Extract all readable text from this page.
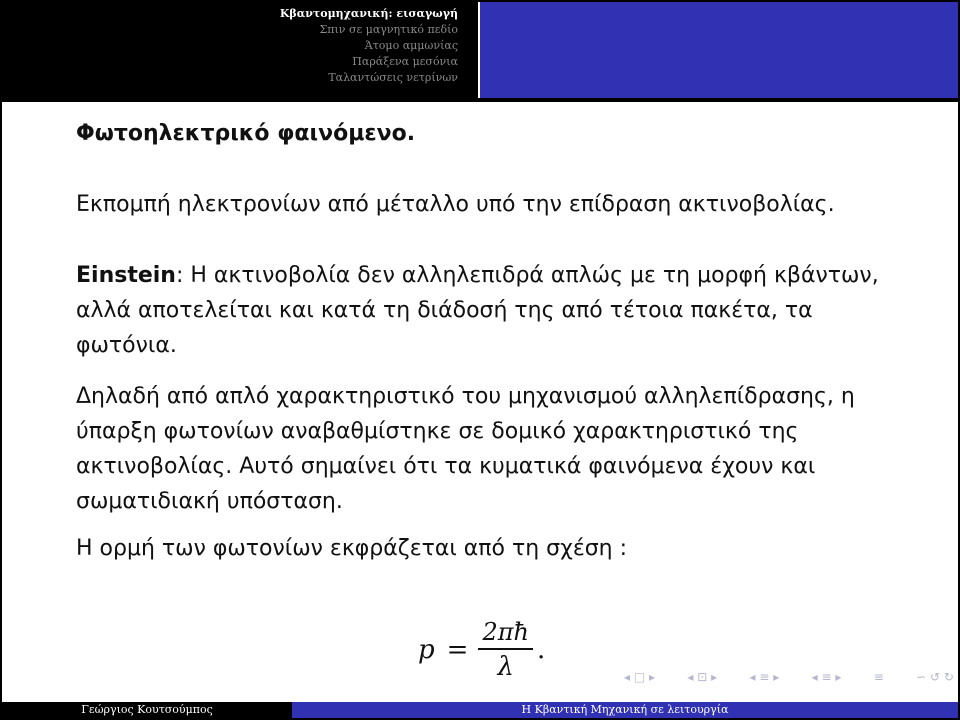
Κβαντομηχανική: εισαγωγή
Σπιν σε μαγνητικό πεδίο
Άτομο αμμωνίας
Παράξενα μεσόνια
Ταλαντώσεις νετρίνων

Φωτοηλεκτρικό φαινόμενο.

Εκπομπή ηλεκτρονίων από μέταλλο υπό την επίδραση ακτινοβολίας.

Einstein: Η ακτινοβολία δεν αλληλεπιδρά απλώς με τη μορφή κβάντων, αλλά αποτελείται και κατά τη διάδοσή της από τέτοια πακέτα, τα φωτόνια.

Δηλαδή από απλό χαρακτηριστικό του μηχανισμού αλληλεπίδρασης, η ύπαρξη φωτονίων αναβαθμίστηκε σε δομικό χαρακτηριστικό της ακτινοβολίας. Αυτό σημαίνει ότι τα κυματικά φαινόμενα έχουν και σωματιδιακή υπόσταση.

Η ορμή των φωτονίων εκφράζεται από τη σχέση :

$p = \frac{2\pi ħ}{\lambda}$ .
◂ □ ▸	◂ ⊡ ▸	◂ ≡ ▸	◂ ≡ ▸	≡	∽ ↺ ↻
Γεώργιος Κουτσούμπος	Η Κβαντική Μηχανική σε λειτουργία
